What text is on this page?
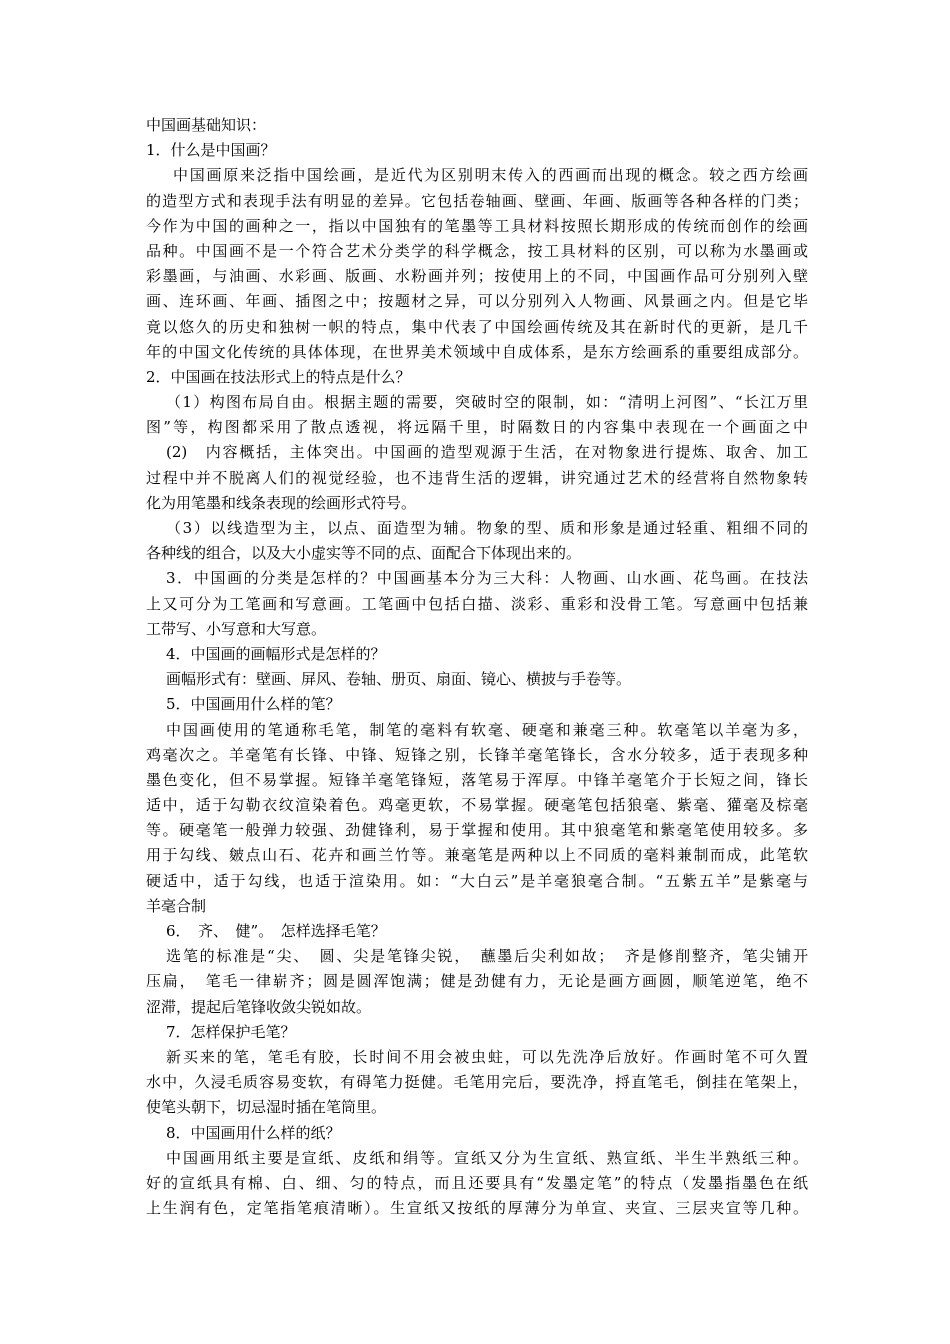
中国画基础知识：
1．什么是中国画？
中国画原来泛指中国绘画，是近代为区别明末传入的西画而出现的概念。较之西方绘画
的造型方式和表现手法有明显的差异。它包括卷轴画、壁画、年画、版画等各种各样的门类；
今作为中国的画种之一，指以中国独有的笔墨等工具材料按照长期形成的传统而创作的绘画
品种。中国画不是一个符合艺术分类学的科学概念，按工具材料的区别，可以称为水墨画或
彩墨画，与油画、水彩画、版画、水粉画并列；按使用上的不同，中国画作品可分别列入壁
画、连环画、年画、插图之中；按题材之异，可以分别列入人物画、风景画之内。但是它毕
竟以悠久的历史和独树一帜的特点，集中代表了中国绘画传统及其在新时代的更新，是几千
年的中国文化传统的具体体现，在世界美术领域中自成体系，是东方绘画系的重要组成部分。
2．中国画在技法形式上的特点是什么？
（1）构图布局自由。根据主题的需要，突破时空的限制，如：“清明上河图”、“长江万里
图”等，构图都采用了散点透视，将远隔千里，时隔数日的内容集中表现在一个画面之中
(2)　内容概括，主体突出。中国画的造型观源于生活，在对物象进行提炼、取舍、加工
过程中并不脱离人们的视觉经验，也不违背生活的逻辑，讲究通过艺术的经营将自然物象转
化为用笔墨和线条表现的绘画形式符号。
（3）以线造型为主，以点、面造型为辅。物象的型、质和形象是通过轻重、粗细不同的
各种线的组合，以及大小虚实等不同的点、面配合下体现出来的。
3．中国画的分类是怎样的？中国画基本分为三大科：人物画、山水画、花鸟画。在技法
上又可分为工笔画和写意画。工笔画中包括白描、淡彩、重彩和没骨工笔。写意画中包括兼
工带写、小写意和大写意。
4．中国画的画幅形式是怎样的？
画幅形式有：壁画、屏风、卷轴、册页、扇面、镜心、横披与手卷等。
5．中国画用什么样的笔？
中国画使用的笔通称毛笔，制笔的毫料有软毫、硬毫和兼毫三种。软毫笔以羊毫为多，
鸡毫次之。羊毫笔有长锋、中锋、短锋之别，长锋羊毫笔锋长，含水分较多，适于表现多种
墨色变化，但不易掌握。短锋羊毫笔锋短，落笔易于浑厚。中锋羊毫笔介于长短之间，锋长
适中，适于勾勒衣纹渲染着色。鸡毫更软，不易掌握。硬毫笔包括狼毫、紫毫、獾毫及棕毫
等。硬毫笔一般弹力较强、劲健锋利，易于掌握和使用。其中狼毫笔和紫毫笔使用较多。多
用于勾线、皴点山石、花卉和画兰竹等。兼毫笔是两种以上不同质的毫料兼制而成，此笔软
硬适中，适于勾线，也适于渲染用。如：“大白云”是羊毫狼毫合制。“五紫五羊”是紫毫与
羊毫合制
6．　齐、　健”。　怎样选择毛笔？
选笔的标准是“尖、　圆、尖是笔锋尖锐，　蘸墨后尖利如故；　齐是修削整齐，笔尖铺开
压扁，　笔毛一律崭齐；圆是圆浑饱满；健是劲健有力，无论是画方画圆，顺笔逆笔，绝不
涩滞，提起后笔锋收敛尖锐如故。
7．怎样保护毛笔？
新买来的笔，笔毛有胶，长时间不用会被虫蛀，可以先洗净后放好。作画时笔不可久置
水中，久浸毛质容易变软，有碍笔力挺健。毛笔用完后，要洗净，捋直笔毛，倒挂在笔架上，
使笔头朝下，切忌湿时插在笔筒里。
8．中国画用什么样的纸？
中国画用纸主要是宣纸、皮纸和绢等。宣纸又分为生宣纸、熟宣纸、半生半熟纸三种。
好的宣纸具有棉、白、细、匀的特点，而且还要具有“发墨定笔”的特点（发墨指墨色在纸
上生润有色，定笔指笔痕清晰）。生宣纸又按纸的厚薄分为单宣、夹宣、三层夹宣等几种。
